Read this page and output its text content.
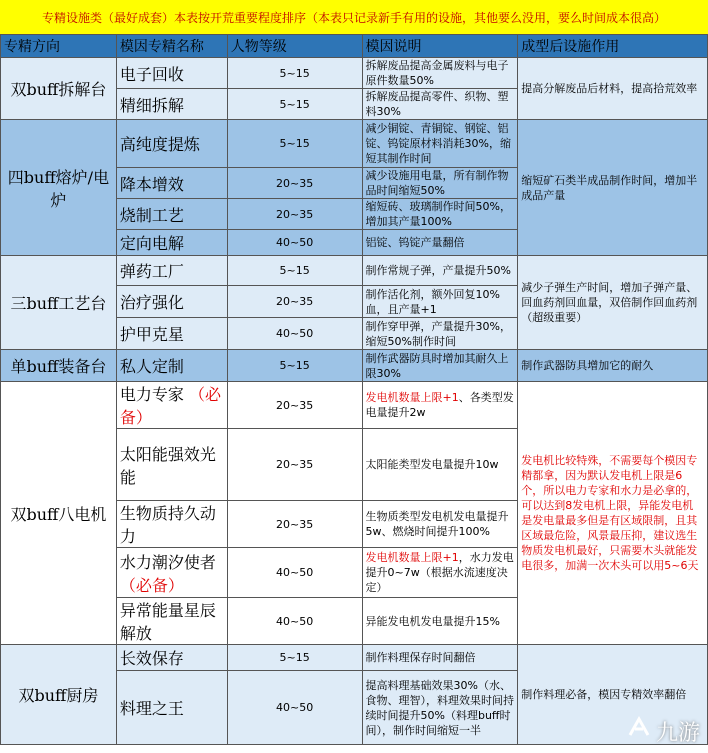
专精设施类（最好成套）本表按开荒重要程度排序（本表只记录新手有用的设施，其他要么没用，要么时间成本很高）
专精方向	模因专精名称	人物等级	模因说明	成型后设施作用
双buff拆解台	电子回收	5~15	拆解废品提高金属废料与电子原件数量50%	提高分解废品后材料，提高拾荒效率
	精细拆解	5~15	拆解废品提高零件、织物、塑料30%	
四buff熔炉/电炉	高纯度提炼	5~15	减少铜锭、青铜锭、钢锭、铝锭、钨锭原材料消耗30%，缩短其制作时间	缩短矿石类半成品制作时间，增加半成品产量
	降本增效	20~35	减少设施用电量，所有制作物品时间缩短50%	
	烧制工艺	20~35	缩短砖、玻璃制作时间50%，增加其产量100%	
	定向电解	40~50	铝锭、钨锭产量翻倍	
三buff工艺台	弹药工厂	5~15	制作常规子弹，产量提升50%	减少子弹生产时间，增加子弹产量、回血药剂回血量，双倍制作回血药剂（超级重要）
	治疗强化	20~35	制作活化剂，额外回复10%血，且产量+1	
	护甲克星	40~50	制作穿甲弹，产量提升30%，缩短50%制作时间	
单buff装备台	私人定制	5~15	制作武器防具时增加其耐久上限30%	制作武器防具增加它的耐久
双buff八电机	电力专家 （必备）	20~35	发电机数量上限+1、各类型发电量提升2w	发电机比较特殊，不需要每个模因专精都拿，因为默认发电机上限是6个，所以电力专家和水力是必拿的，可以达到8发电机上限，异能发电机是发电量最多但是有区域限制，且其区域最危险，风景最压抑，建议选生物质发电机最好，只需要木头就能发电很多，加满一次木头可以用5~6天
	太阳能强效光能	20~35	太阳能类型发电量提升10w	
	生物质持久动力	20~35	生物质类型发电机发电量提升5w、燃烧时间提升100%	
	水力潮汐使者 （必备）	40~50	发电机数量上限+1，水力发电提升0~7w（根据水流速度决定）	
	异常能量星辰解放	40~50	异能发电机发电量提升15%	
双buff厨房	长效保存	5~15	制作料理保存时间翻倍	制作料理必备，模因专精效率翻倍
	料理之王	40~50	提高料理基础效果30%（水、食物、理智），料理效果时间持续时间提升50%（料理buff时间），制作时间缩短一半		九游
